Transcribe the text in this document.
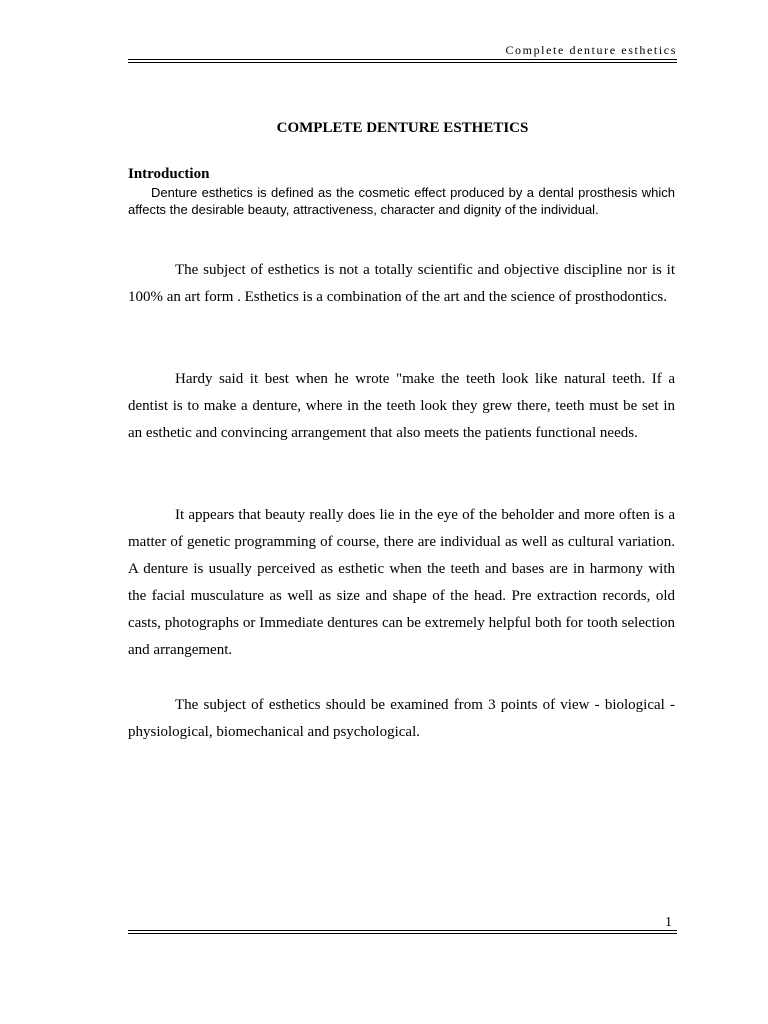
Complete denture esthetics
COMPLETE DENTURE ESTHETICS
Introduction

Denture esthetics is defined as the cosmetic effect produced by a dental prosthesis which affects the desirable beauty, attractiveness, character and dignity of the individual.

The subject of esthetics is not a totally scientific and objective discipline nor is it 100% an art form . Esthetics is a combination of the art and the science of prosthodontics.

Hardy said it best when he wrote "make the teeth look like natural teeth. If a dentist is to make a denture, where in the teeth look they grew there, teeth must be set in an esthetic and convincing arrangement that also meets the patients functional needs.

It appears that beauty really does lie in the eye of the beholder and more often is a matter of genetic programming of course, there are individual as well as cultural variation. A denture is usually perceived as esthetic when the teeth and bases are in harmony with the facial musculature as well as size and shape of the head. Pre extraction records, old casts, photographs or Immediate dentures can be extremely helpful both for tooth selection and arrangement.

The subject of esthetics should be examined from 3 points of view - biological - physiological, biomechanical and psychological.

1
